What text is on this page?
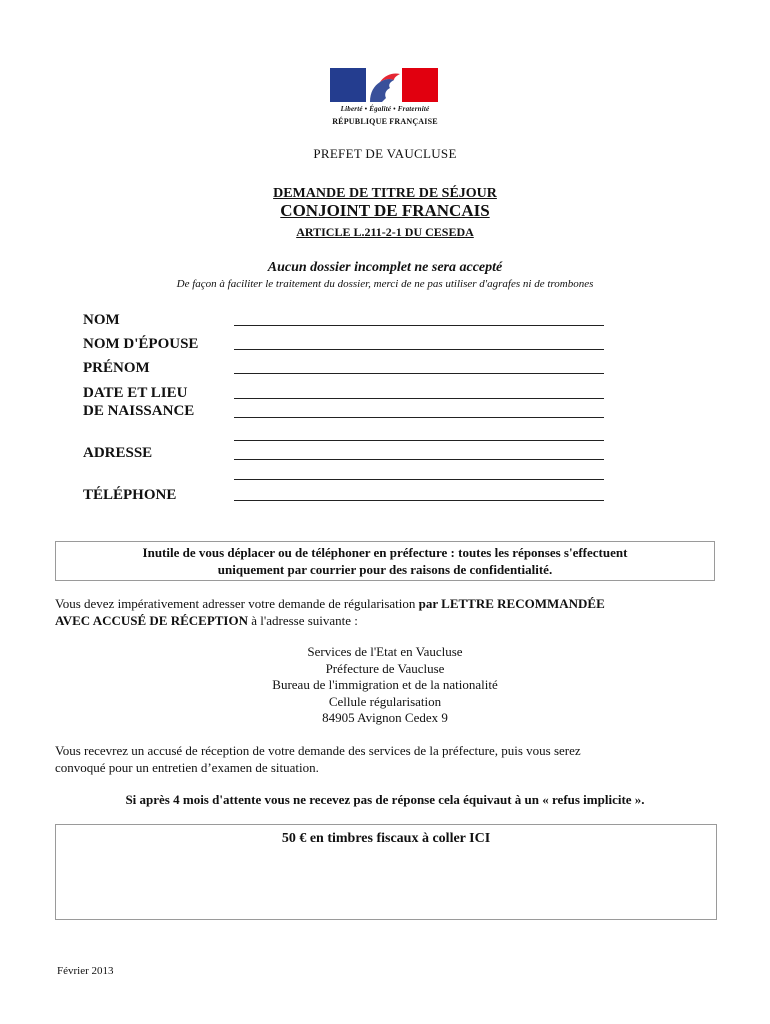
Liberté • Égalité • Fraternité
RÉPUBLIQUE FRANÇAISE
PREFET DE VAUCLUSE
DEMANDE DE TITRE DE SÉJOUR
CONJOINT DE FRANCAIS
ARTICLE L.211-2-1 DU CESEDA
Aucun dossier incomplet ne sera accepté
De façon à faciliter le traitement du dossier, merci de ne pas utiliser d'agrafes ni de trombones
NOM
NOM D'ÉPOUSE
PRÉNOM
DATE ET LIEU
DE NAISSANCE
ADRESSE
TÉLÉPHONE
Inutile de vous déplacer ou de téléphoner en préfecture : toutes les réponses s'effectuent
uniquement par courrier pour des raisons de confidentialité.
Vous devez impérativement adresser votre demande de régularisation par LETTRE RECOMMANDÉE
AVEC ACCUSÉ DE RÉCEPTION à l'adresse suivante :
Services de l'Etat en Vaucluse
Préfecture de Vaucluse
Bureau de l'immigration et de la nationalité
Cellule régularisation
84905 Avignon Cedex 9
Vous recevrez un accusé de réception de votre demande des services de la préfecture, puis vous serez
convoqué pour un entretien d’examen de situation.
Si après 4 mois d'attente vous ne recevez pas de réponse cela équivaut à un « refus implicite ».
50 € en timbres fiscaux à coller ICI
Février 2013
